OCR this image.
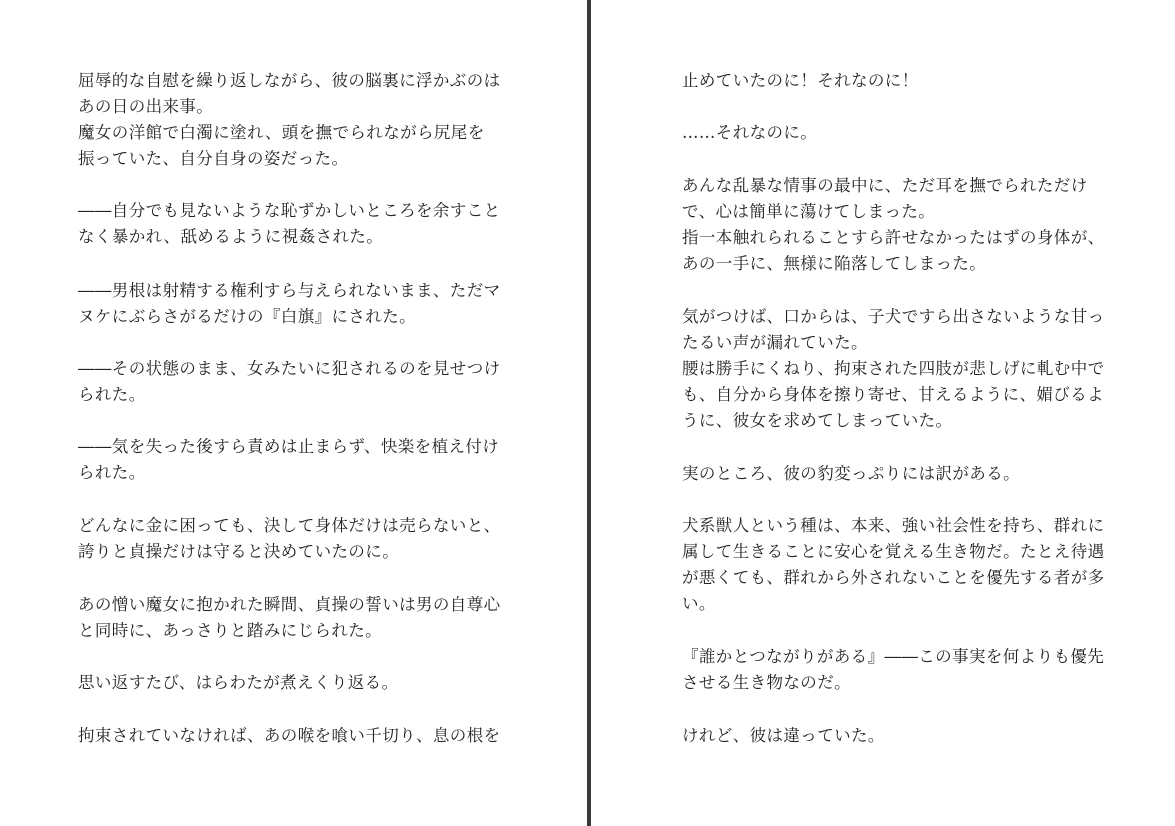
屈辱的な自慰を繰り返しながら、彼の脳裏に浮かぶのは
あの日の出来事。
魔女の洋館で白濁に塗れ、頭を撫でられながら尻尾を
振っていた、自分自身の姿だった。
――自分でも見ないような恥ずかしいところを余すこと
なく暴かれ、舐めるように視姦された。
――男根は射精する権利すら与えられないまま、ただマ
ヌケにぶらさがるだけの『白旗』にされた。
――その状態のまま、女みたいに犯されるのを見せつけ
られた。
――気を失った後すら責めは止まらず、快楽を植え付け
られた。
どんなに金に困っても、決して身体だけは売らないと、
誇りと貞操だけは守ると決めていたのに。
あの憎い魔女に抱かれた瞬間、貞操の誓いは男の自尊心
と同時に、あっさりと踏みにじられた。
思い返すたび、はらわたが煮えくり返る。
拘束されていなければ、あの喉を喰い千切り、息の根を
止めていたのに！それなのに！
……それなのに。
あんな乱暴な情事の最中に、ただ耳を撫でられただけ
で、心は簡単に蕩けてしまった。
指一本触れられることすら許せなかったはずの身体が、
あの一手に、無様に陥落してしまった。
気がつけば、口からは、子犬ですら出さないような甘っ
たるい声が漏れていた。
腰は勝手にくねり、拘束された四肢が悲しげに軋む中で
も、自分から身体を擦り寄せ、甘えるように、媚びるよ
うに、彼女を求めてしまっていた。
実のところ、彼の豹変っぷりには訳がある。
犬系獣人という種は、本来、強い社会性を持ち、群れに
属して生きることに安心を覚える生き物だ。たとえ待遇
が悪くても、群れから外されないことを優先する者が多
い。
『誰かとつながりがある』――この事実を何よりも優先
させる生き物なのだ。
けれど、彼は違っていた。
